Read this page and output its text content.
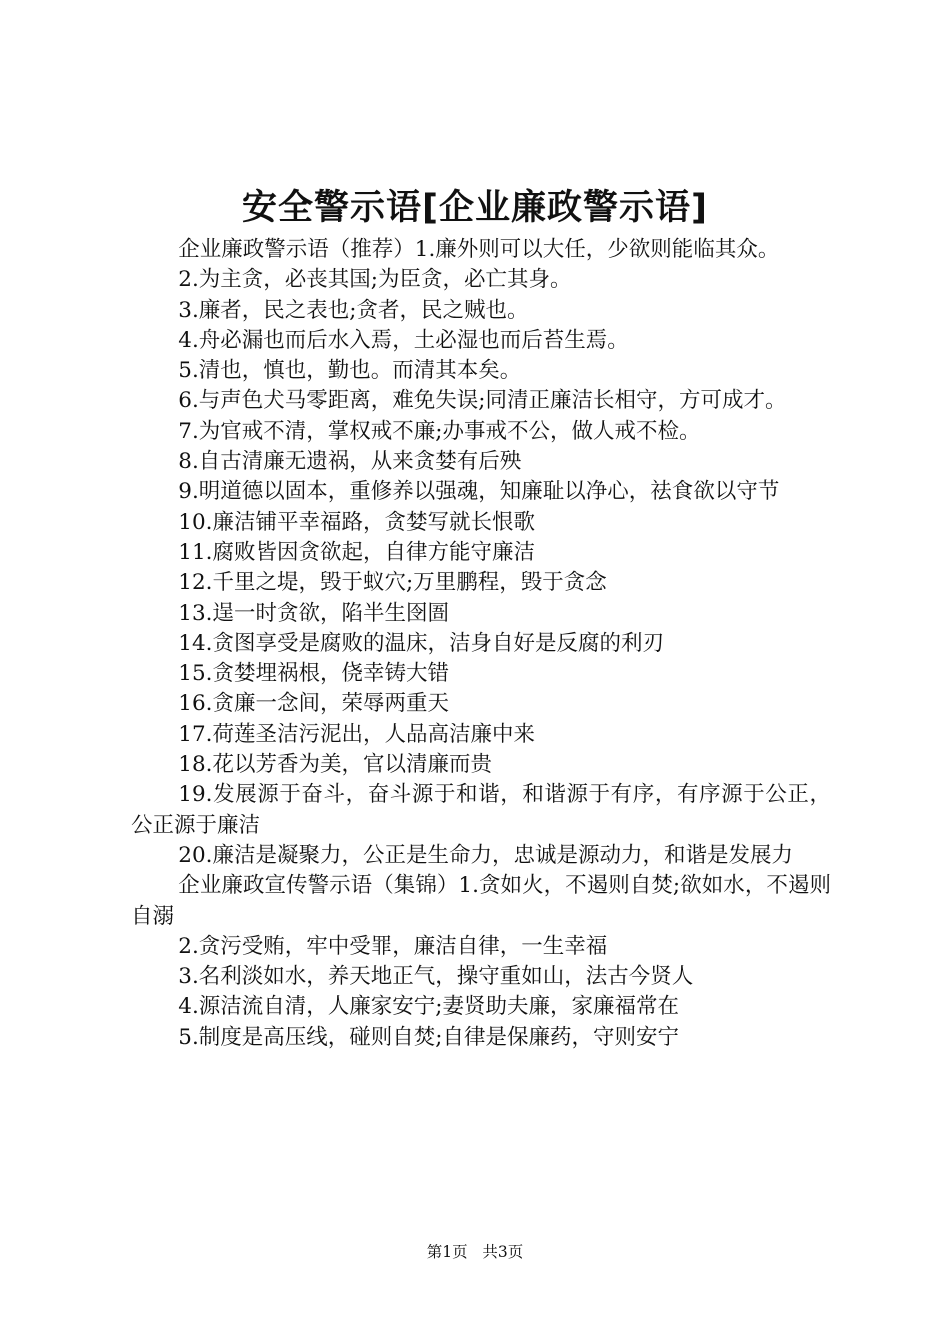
安全警示语[企业廉政警示语]

企业廉政警示语（推荐）1.廉外则可以大任，少欲则能临其众。

2.为主贪，必丧其国;为臣贪，必亡其身。

3.廉者，民之表也;贪者，民之贼也。

4.舟必漏也而后水入焉，土必湿也而后苔生焉。

5.清也，慎也，勤也。而清其本矣。

6.与声色犬马零距离，难免失误;同清正廉洁长相守，方可成才。

7.为官戒不清，掌权戒不廉;办事戒不公，做人戒不检。

8.自古清廉无遗祸，从来贪婪有后殃

9.明道德以固本，重修养以强魂，知廉耻以净心，祛食欲以守节

10.廉洁铺平幸福路，贪婪写就长恨歌

11.腐败皆因贪欲起，自律方能守廉洁

12.千里之堤，毁于蚁穴;万里鹏程，毁于贪念

13.逞一时贪欲，陷半生囹圄

14.贪图享受是腐败的温床，洁身自好是反腐的利刃

15.贪婪埋祸根，侥幸铸大错

16.贪廉一念间，荣辱两重天

17.荷莲圣洁污泥出，人品高洁廉中来

18.花以芳香为美，官以清廉而贵

19.发展源于奋斗，奋斗源于和谐，和谐源于有序，有序源于公正，公正源于廉洁

20.廉洁是凝聚力，公正是生命力，忠诚是源动力，和谐是发展力

企业廉政宣传警示语（集锦）1.贪如火，不遏则自焚;欲如水，不遏则自溺

2.贪污受贿，牢中受罪，廉洁自律，一生幸福

3.名利淡如水，养天地正气，操守重如山，法古今贤人

4.源洁流自清，人廉家安宁;妻贤助夫廉，家廉福常在

5.制度是高压线，碰则自焚;自律是保廉药，守则安宁

第1页 共3页
